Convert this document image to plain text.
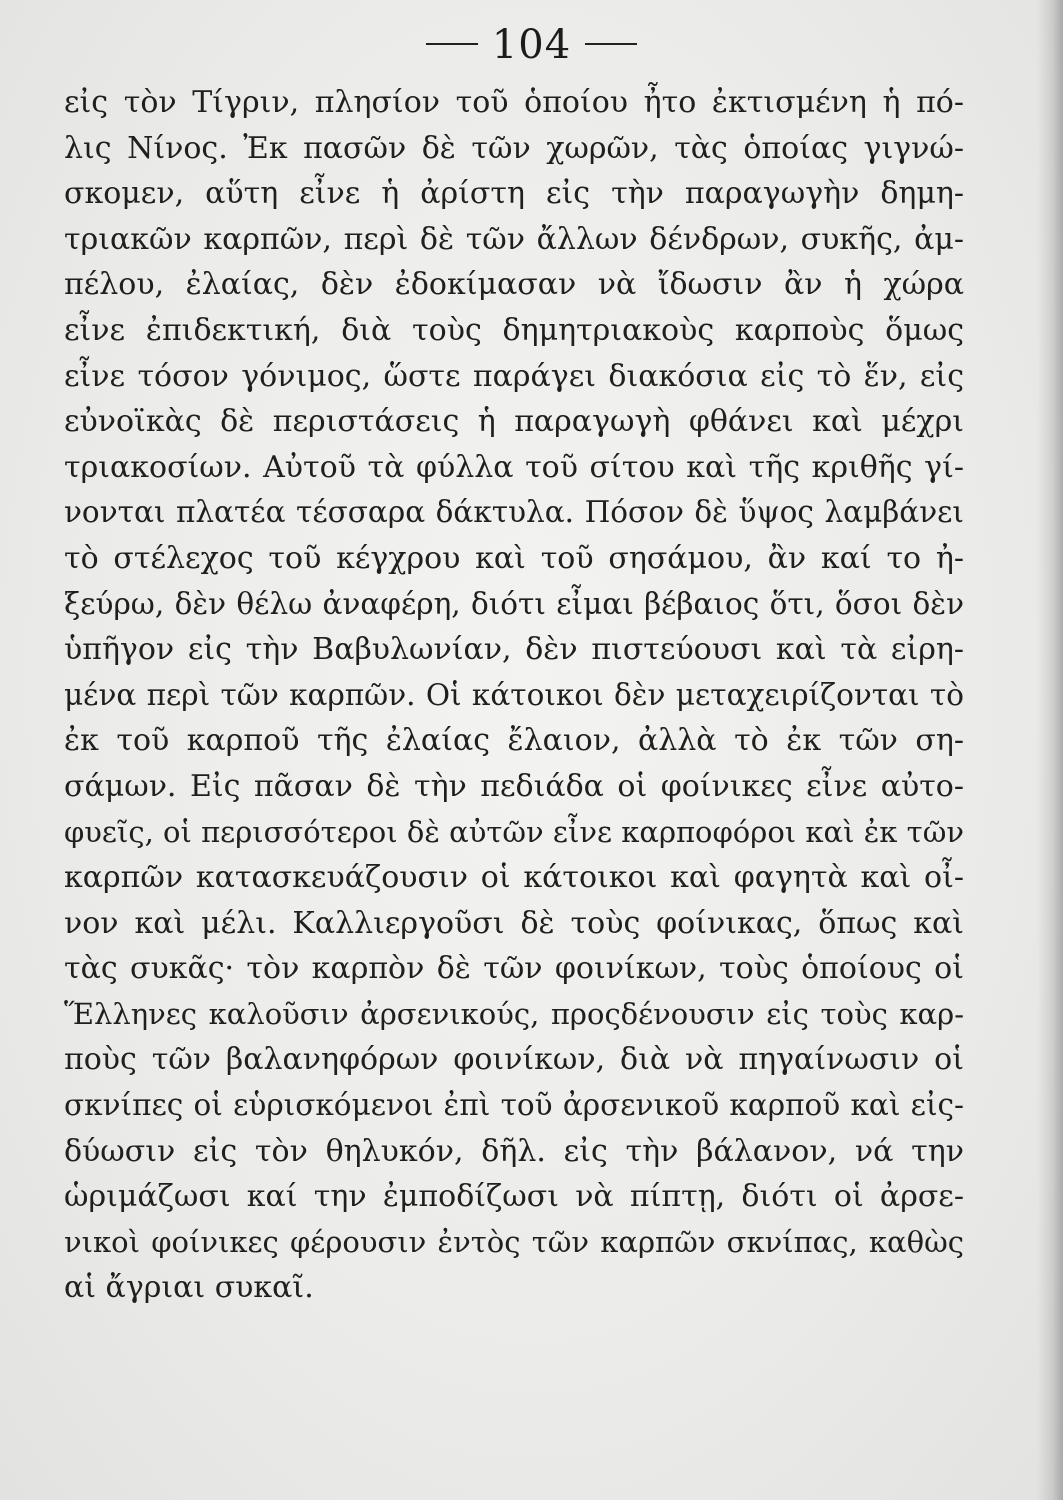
104
εἰς τὸν Τίγριν, πλησίον τοῦ ὁποίου ἦτο ἐκτισμένη ἡ πό-
λις Νίνος. Ἐκ πασῶν δὲ τῶν χωρῶν, τὰς ὁποίας γιγνώ-
σκομεν, αὕτη εἶνε ἡ ἀρίστη εἰς τὴν παραγωγὴν δημη-
τριακῶν καρπῶν, περὶ δὲ τῶν ἄλλων δένδρων, συκῆς, ἀμ-
πέλου, ἐλαίας, δὲν ἐδοκίμασαν νὰ ἴδωσιν ἂν ἡ χώρα
εἶνε ἐπιδεκτική, διὰ τοὺς δημητριακοὺς καρποὺς ὅμως
εἶνε τόσον γόνιμος, ὥστε παράγει διακόσια εἰς τὸ ἕν, εἰς
εὐνοϊκὰς δὲ περιστάσεις ἡ παραγωγὴ φθάνει καὶ μέχρι
τριακοσίων. Αὐτοῦ τὰ φύλλα τοῦ σίτου καὶ τῆς κριθῆς γί-
νονται πλατέα τέσσαρα δάκτυλα. Πόσον δὲ ὕψος λαμβάνει
τὸ στέλεχος τοῦ κέγχρου καὶ τοῦ σησάμου, ἂν καί το ἠ-
ξεύρω, δὲν θέλω ἀναφέρη, διότι εἶμαι βέβαιος ὅτι, ὅσοι δὲν
ὑπῆγον εἰς τὴν Βαβυλωνίαν, δὲν πιστεύουσι καὶ τὰ εἰρη-
μένα περὶ τῶν καρπῶν. Οἱ κάτοικοι δὲν μεταχειρίζονται τὸ
ἐκ τοῦ καρποῦ τῆς ἐλαίας ἔλαιον, ἀλλὰ τὸ ἐκ τῶν ση-
σάμων. Εἰς πᾶσαν δὲ τὴν πεδιάδα οἱ φοίνικες εἶνε αὐτο-
φυεῖς, οἱ περισσότεροι δὲ αὐτῶν εἶνε καρποφόροι καὶ ἐκ τῶν
καρπῶν κατασκευάζουσιν οἱ κάτοικοι καὶ φαγητὰ καὶ οἶ-
νον καὶ μέλι. Καλλιεργοῦσι δὲ τοὺς φοίνικας, ὅπως καὶ
τὰς συκᾶς· τὸν καρπὸν δὲ τῶν φοινίκων, τοὺς ὁποίους οἱ
Ἕλληνες καλοῦσιν ἀρσενικούς, προςδένουσιν εἰς τοὺς καρ-
ποὺς τῶν βαλανηφόρων φοινίκων, διὰ νὰ πηγαίνωσιν οἱ
σκνίπες οἱ εὑρισκόμενοι ἐπὶ τοῦ ἀρσενικοῦ καρποῦ καὶ εἰς-
δύωσιν εἰς τὸν θηλυκόν, δῆλ. εἰς τὴν βάλανον, νά την
ὡριμάζωσι καί την ἐμποδίζωσι νὰ πίπτῃ, διότι οἱ ἀρσε-
νικοὶ φοίνικες φέρουσιν ἐντὸς τῶν καρπῶν σκνίπας, καθὼς
αἱ ἄγριαι συκαῖ.
